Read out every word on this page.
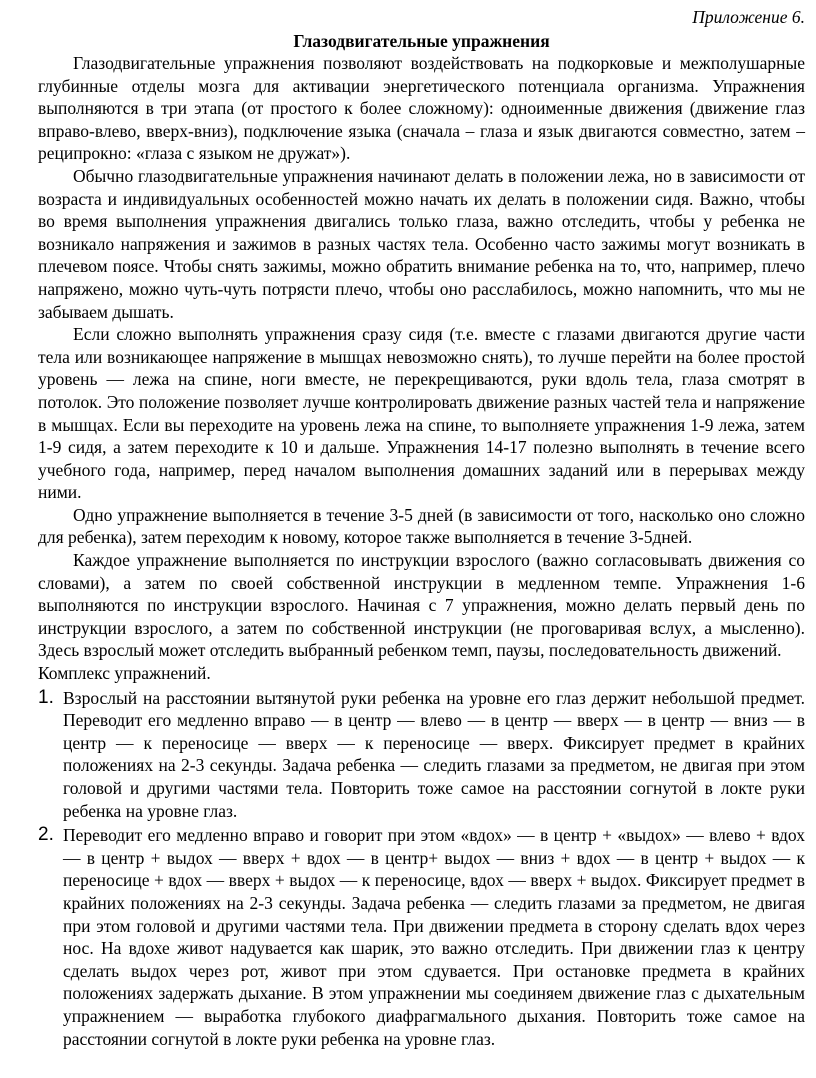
Приложение 6.

Глазодвигательные упражнения

Глазодвигательные упражнения позволяют воздействовать на подкорковые и межполушарные глубинные отделы мозга для активации энергетического потенциала организма. Упражнения выполняются в три этапа (от простого к более сложному): одноименные движения (движение глаз вправо-влево, вверх-вниз), подключение языка (сначала – глаза и язык двигаются совместно, затем – реципрокно: «глаза с языком не дружат»).

Обычно глазодвигательные упражнения начинают делать в положении лежа, но в зависимости от возраста и индивидуальных особенностей можно начать их делать в положении сидя. Важно, чтобы во время выполнения упражнения двигались только глаза, важно отследить, чтобы у ребенка не возникало напряжения и зажимов в разных частях тела. Особенно часто зажимы могут возникать в плечевом поясе. Чтобы снять зажимы, можно обратить внимание ребенка на то, что, например, плечо напряжено, можно чуть-чуть потрясти плечо, чтобы оно расслабилось, можно напомнить, что мы не забываем дышать.

Если сложно выполнять упражнения сразу сидя (т.е. вместе с глазами двигаются другие части тела или возникающее напряжение в мышцах невозможно снять), то лучше перейти на более простой уровень — лежа на спине, ноги вместе, не перекрещиваются, руки вдоль тела, глаза смотрят в потолок. Это положение позволяет лучше контролировать движение разных частей тела и напряжение в мышцах. Если вы переходите на уровень лежа на спине, то выполняете упражнения 1-9 лежа, затем 1-9 сидя, а затем переходите к 10 и дальше. Упражнения 14-17 полезно выполнять в течение всего учебного года, например, перед началом выполнения домашних заданий или в перерывах между ними.

Одно упражнение выполняется в течение 3-5 дней (в зависимости от того, насколько оно сложно для ребенка), затем переходим к новому, которое также выполняется в течение 3-5дней.

Каждое упражнение выполняется по инструкции взрослого (важно согласовывать движения со словами), а затем по своей собственной инструкции в медленном темпе. Упражнения 1-6 выполняются по инструкции взрослого. Начиная с 7 упражнения, можно делать первый день по инструкции взрослого, а затем по собственной инструкции (не проговаривая вслух, а мысленно). Здесь взрослый может отследить выбранный ребенком темп, паузы, последовательность движений.

Комплекс упражнений.

1. Взрослый на расстоянии вытянутой руки ребенка на уровне его глаз держит небольшой предмет. Переводит его медленно вправо — в центр — влево — в центр — вверх — в центр — вниз — в центр — к переносице — вверх — к переносице — вверх. Фиксирует предмет в крайних положениях на 2-3 секунды. Задача ребенка — следить глазами за предметом, не двигая при этом головой и другими частями тела. Повторить тоже самое на расстоянии согнутой в локте руки ребенка на уровне глаз.

2. Переводит его медленно вправо и говорит при этом «вдох» — в центр + «выдох» — влево + вдох — в центр + выдох — вверх + вдох — в центр+ выдох — вниз + вдох — в центр + выдох — к переносице + вдох — вверх + выдох — к переносице, вдох — вверх + выдох. Фиксирует предмет в крайних положениях на 2-3 секунды. Задача ребенка — следить глазами за предметом, не двигая при этом головой и другими частями тела. При движении предмета в сторону сделать вдох через нос. На вдохе живот надувается как шарик, это важно отследить. При движении глаз к центру сделать выдох через рот, живот при этом сдувается. При остановке предмета в крайних положениях задержать дыхание. В этом упражнении мы соединяем движение глаз с дыхательным упражнением — выработка глубокого диафрагмального дыхания. Повторить тоже самое на расстоянии согнутой в локте руки ребенка на уровне глаз.
